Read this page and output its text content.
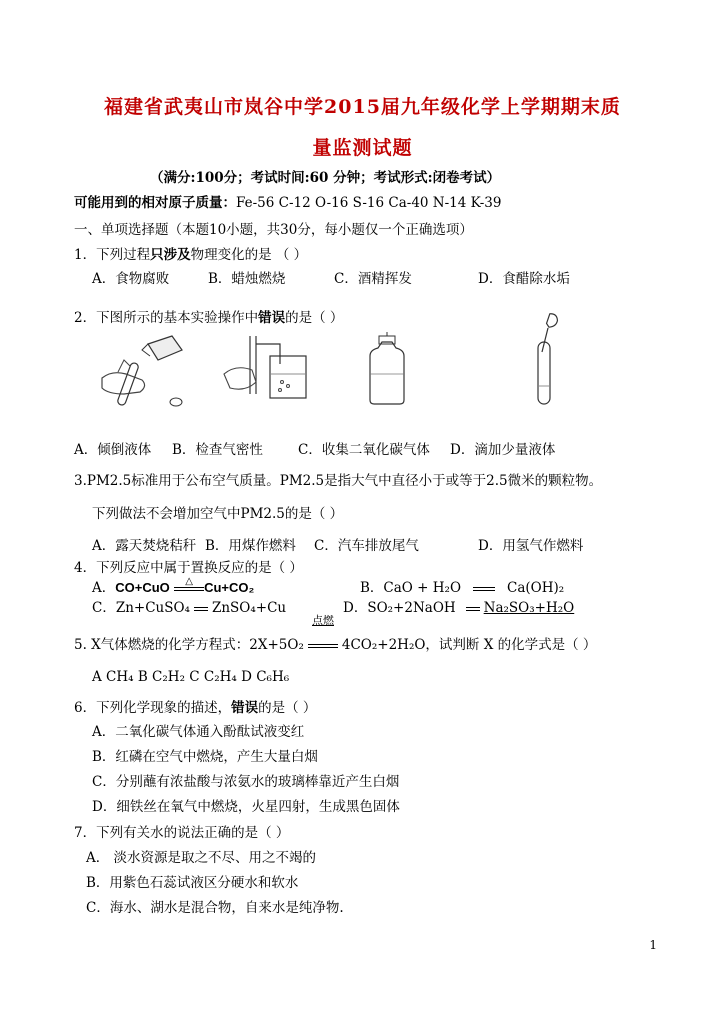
福建省武夷山市岚谷中学2015届九年级化学上学期期末质
量监测试题
（满分:100分；考试时间:60 分钟；考试形式:闭卷考试）
可能用到的相对原子质量：Fe-56 C-12 O-16 S-16 Ca-40 N-14 K-39
一、单项选择题（本题10小题，共30分，每小题仅一个正确选项）
1．下列过程只涉及物理变化的是 （ ）
A．食物腐败	B．蜡烛燃烧	C．酒精挥发	D．食醋除水垢
2．下图所示的基本实验操作中错误的是（ ）
A．倾倒液体 B．检查气密性	C．收集二氧化碳气体 D．滴加少量液体
3.PM2.5标准用于公布空气质量。PM2.5是指大气中直径小于或等于2.5微米的颗粒物。
下列做法不会增加空气中PM2.5的是（ ）
A．露天焚烧秸秆 B．用煤作燃料 C．汽车排放尾气	D．用氢气作燃料
4．下列反应中属于置换反应的是（ ）
A．CO+CuO	△ Cu+CO₂	B．CaO + H₂O	Ca(OH)₂
C．Zn+CuSO₄ ZnSO₄+Cu	D．SO₂+2NaOH Na₂SO₃+H₂O
点燃
5. X气体燃烧的化学方程式：2X+5O₂	4CO₂+2H₂O，试判断 X 的化学式是（ ）
A CH₄ B C₂H₂ C C₂H₄ D C₆H₆
6．下列化学现象的描述，错误的是（ ）
A．二氧化碳气体通入酚酞试液变红
B．红磷在空气中燃烧，产生大量白烟
C．分别蘸有浓盐酸与浓氨水的玻璃棒靠近产生白烟
D．细铁丝在氧气中燃烧，火星四射，生成黑色固体
7．下列有关水的说法正确的是（ ）
A． 淡水资源是取之不尽、用之不竭的
B．用紫色石蕊试液区分硬水和软水
C．海水、湖水是混合物，自来水是纯净物.
1
